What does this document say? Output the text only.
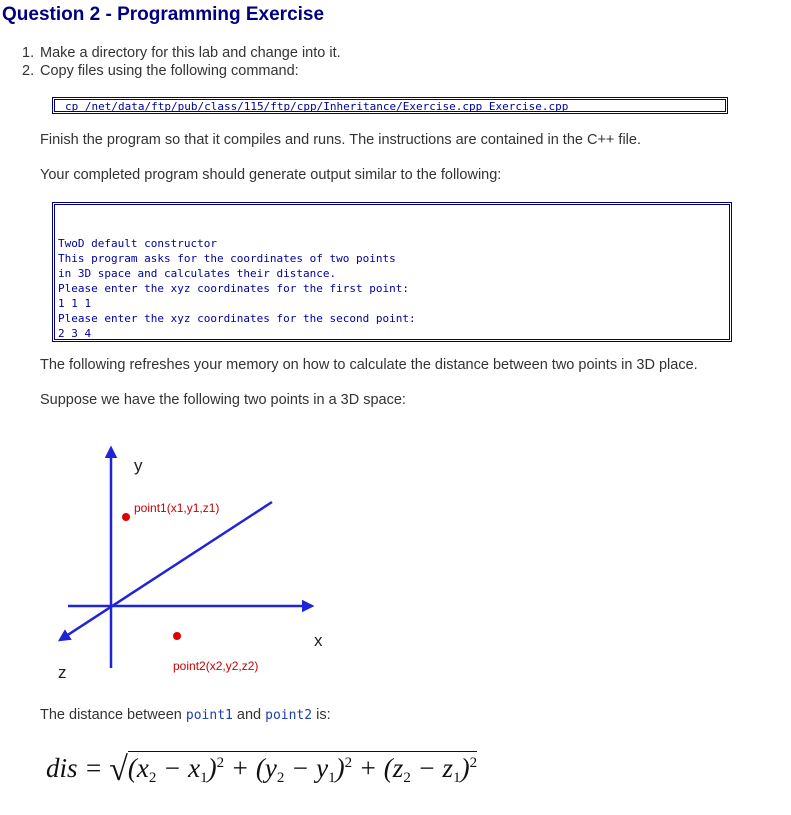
Question 2 - Programming Exercise
1. Make a directory for this lab and change into it.
2. Copy files using the following command:
cp /net/data/ftp/pub/class/115/ftp/cpp/Inheritance/Exercise.cpp Exercise.cpp

Finish the program so that it compiles and runs. The instructions are contained in the C++ file.

Your completed program should generate output similar to the following:

TwoD default constructor
This program asks for the coordinates of two points
in 3D space and calculates their distance.
Please enter the xyz coordinates for the first point:
1 1 1
Please enter the xyz coordinates for the second point:
2 3 4

The following refreshes your memory on how to calculate the distance between two points in 3D place.

Suppose we have the following two points in a 3D space:

y
x
z
point1(x1,y1,z1)
point2(x2,y2,z2)

The distance between point1 and point2 is:

dis = $√(x_2 - x_1)^2 + (y_2 - y_1)^2 + (z_2 - z_1)^2$
